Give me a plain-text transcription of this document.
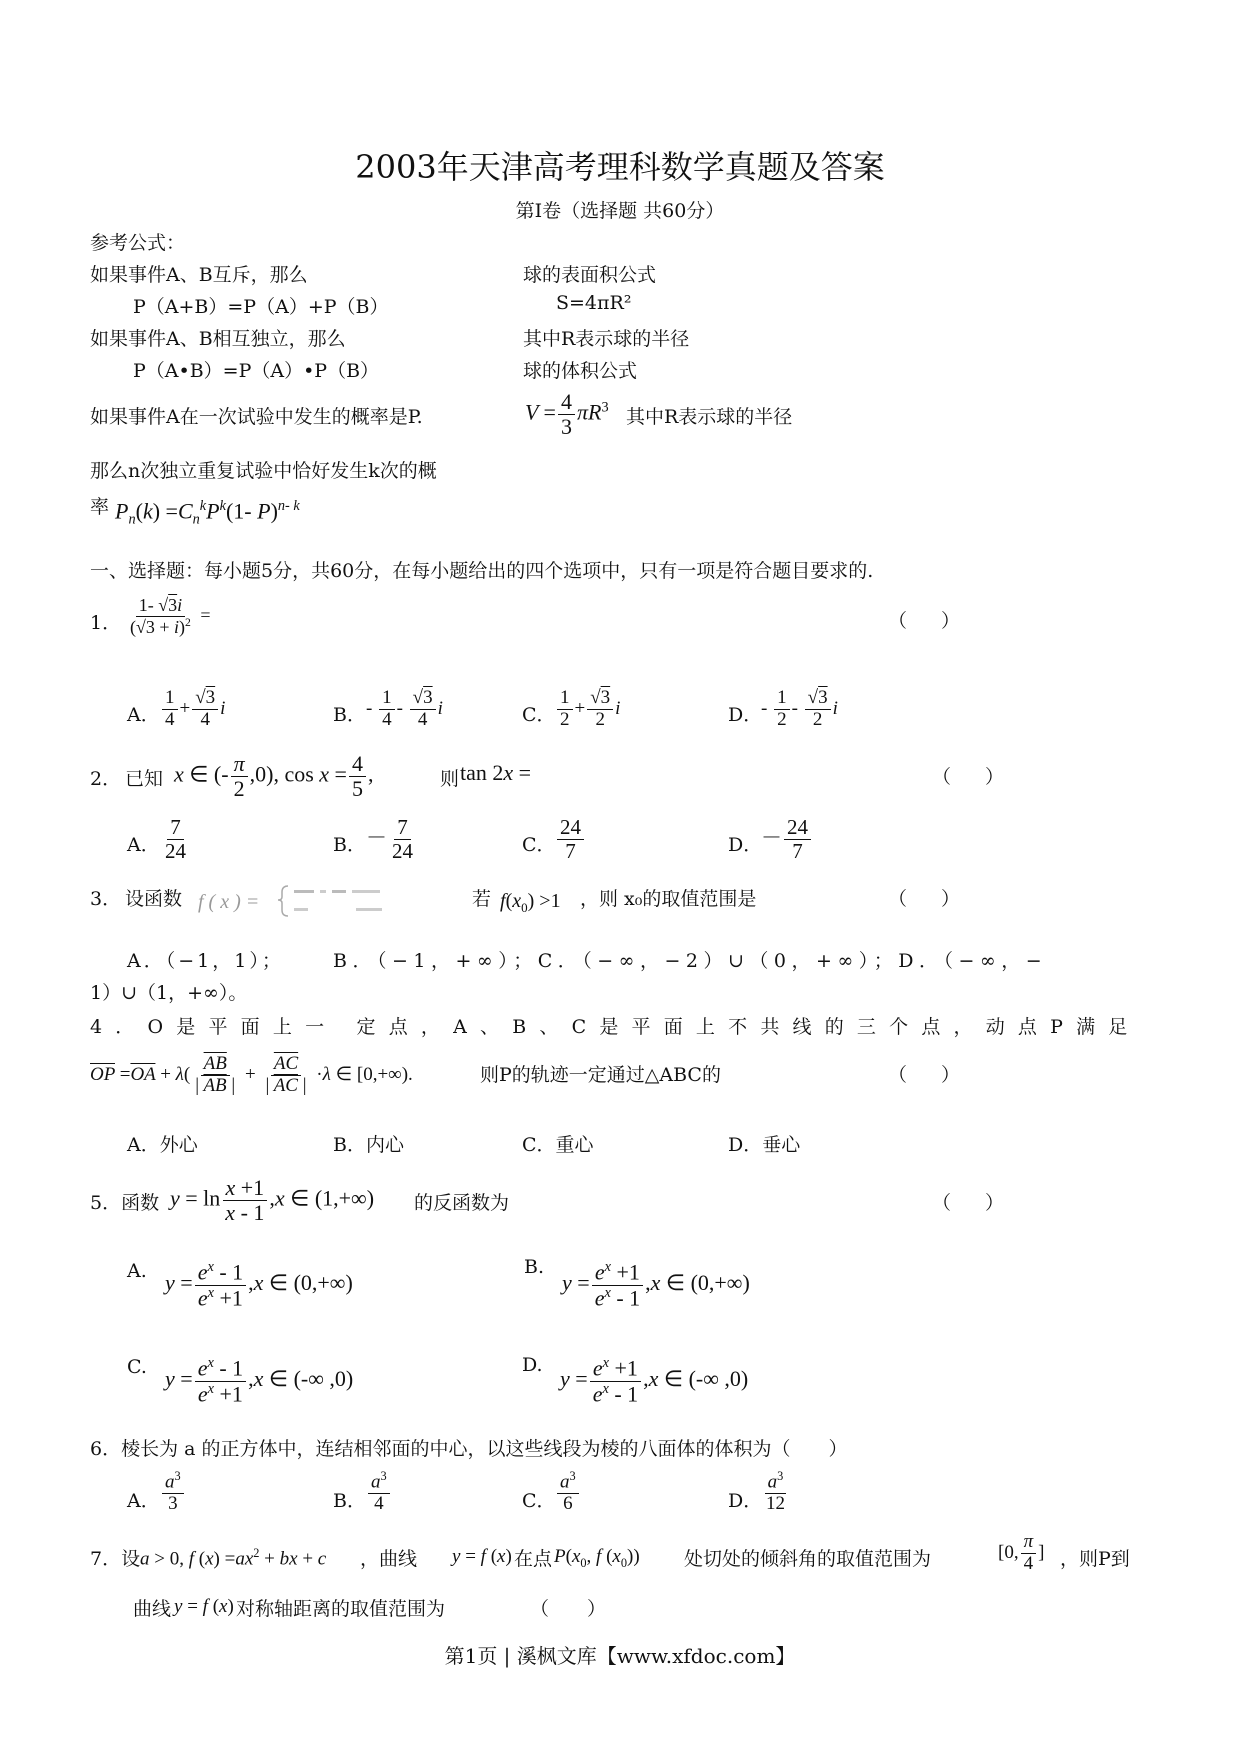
2003年天津高考理科数学真题及答案
第Ⅰ卷（选择题 共60分）
参考公式：
如果事件A、B互斥，那么
P（A+B）=P（A）+P（B）
如果事件A、B相互独立，那么
P（A•B）=P（A）•P（B）
如果事件A在一次试验中发生的概率是P.
那么n次独立重复试验中恰好发生k次的概
率 $P_n(k) =C_n^kP^k(1-$ P)$^{n- k}$
球的表面积公式
S=4πR²
其中R表示球的半径
球的体积公式
$V = \frac{4}{3} \pi R^3$ 其中R表示球的半径
一、选择题：每小题5分，共60分，在每小题给出的四个选项中，只有一项是符合题目要求的.
1． $\frac{1- √3i}{(√3 + i)^2}$ =	（ ）
A． $\frac{1}{4} + \frac{√3}{4}$ i	B． - $\frac{1}{4} - \frac{√3}{4}$ i	C． $\frac{1}{2} + \frac{√3}{2}$ i	D．
- $\frac{1}{2} - \frac{√3}{2}$ i
2． 已知 x ∈ (- $\frac{\pi}{2} ,0$), $\cos x = \frac{4}{5}$ ,	则 tan 2x =	（ ）
A． $\frac{7}{24}$	B． － $\frac{7}{24}$	C． $\frac{24}{7}$	D．
－ $\frac{24}{7}$
3． 设函数 f ( x ) =	若 $f(x_0) >1$ ，则 x₀的取值范围是	（ ）
A．（−1，1）；	B．（−1，+∞）；C．（−∞，−2）∪（0，+∞）；D．（−∞，−
1）∪（1，+∞）。
4．O是平面上一 定点，A、B、C是平面上不共线的三个点，动点P满足
$\overline{OP} =\overline{OA} + \lambda( \frac{\overline{AB}}{| \overline{AB} |} + \frac{\overline{AC}}{| \overline{AC} |} \cdot\lambda$ ∈ [0,+∞).	则P的轨迹一定通过△ABC的	（ ）
A．外心	B．内心	C．重心	D．垂心
5．函数 $y = \ln \frac{x +1}{x - 1} ,x$ ∈ (1,+∞) 的反函数为	（ ）
A. $y = \frac{e^x - 1}{e^x +1} ,x$ ∈ (0,+∞)
B.
$y = \frac{e^x +1}{e^x - 1} ,x$ ∈ (0,+∞)
C. $y = \frac{e^x - 1}{e^x +1} ,x$ ∈ (-∞ ,0)
D.
$y = \frac{e^x +1}{e^x - 1} ,x$ ∈ (-∞ ,0)
6．棱长为 a 的正方体中，连结相邻面的中心，以这些线段为棱的八面体的体积为（　　）
A． $\frac{a^3}{3}$	B． $\frac{a^3}{4}$	C． $\frac{a^3}{6}$	D． $\frac{a^3}{12}$
7．设 a > 0, f $(x) =ax^2$ + bx + c ，曲线 y = f (x) 在点 $P(x_0$, f $(x_0)$) 处切处的倾斜角的取值范围为	[0, $\frac{\pi}{4}$ ] ，则P到
曲线 y = f (x) 对称轴距离的取值范围为	（　　）
第1页 | 溪枫文库【www.xfdoc.com】
